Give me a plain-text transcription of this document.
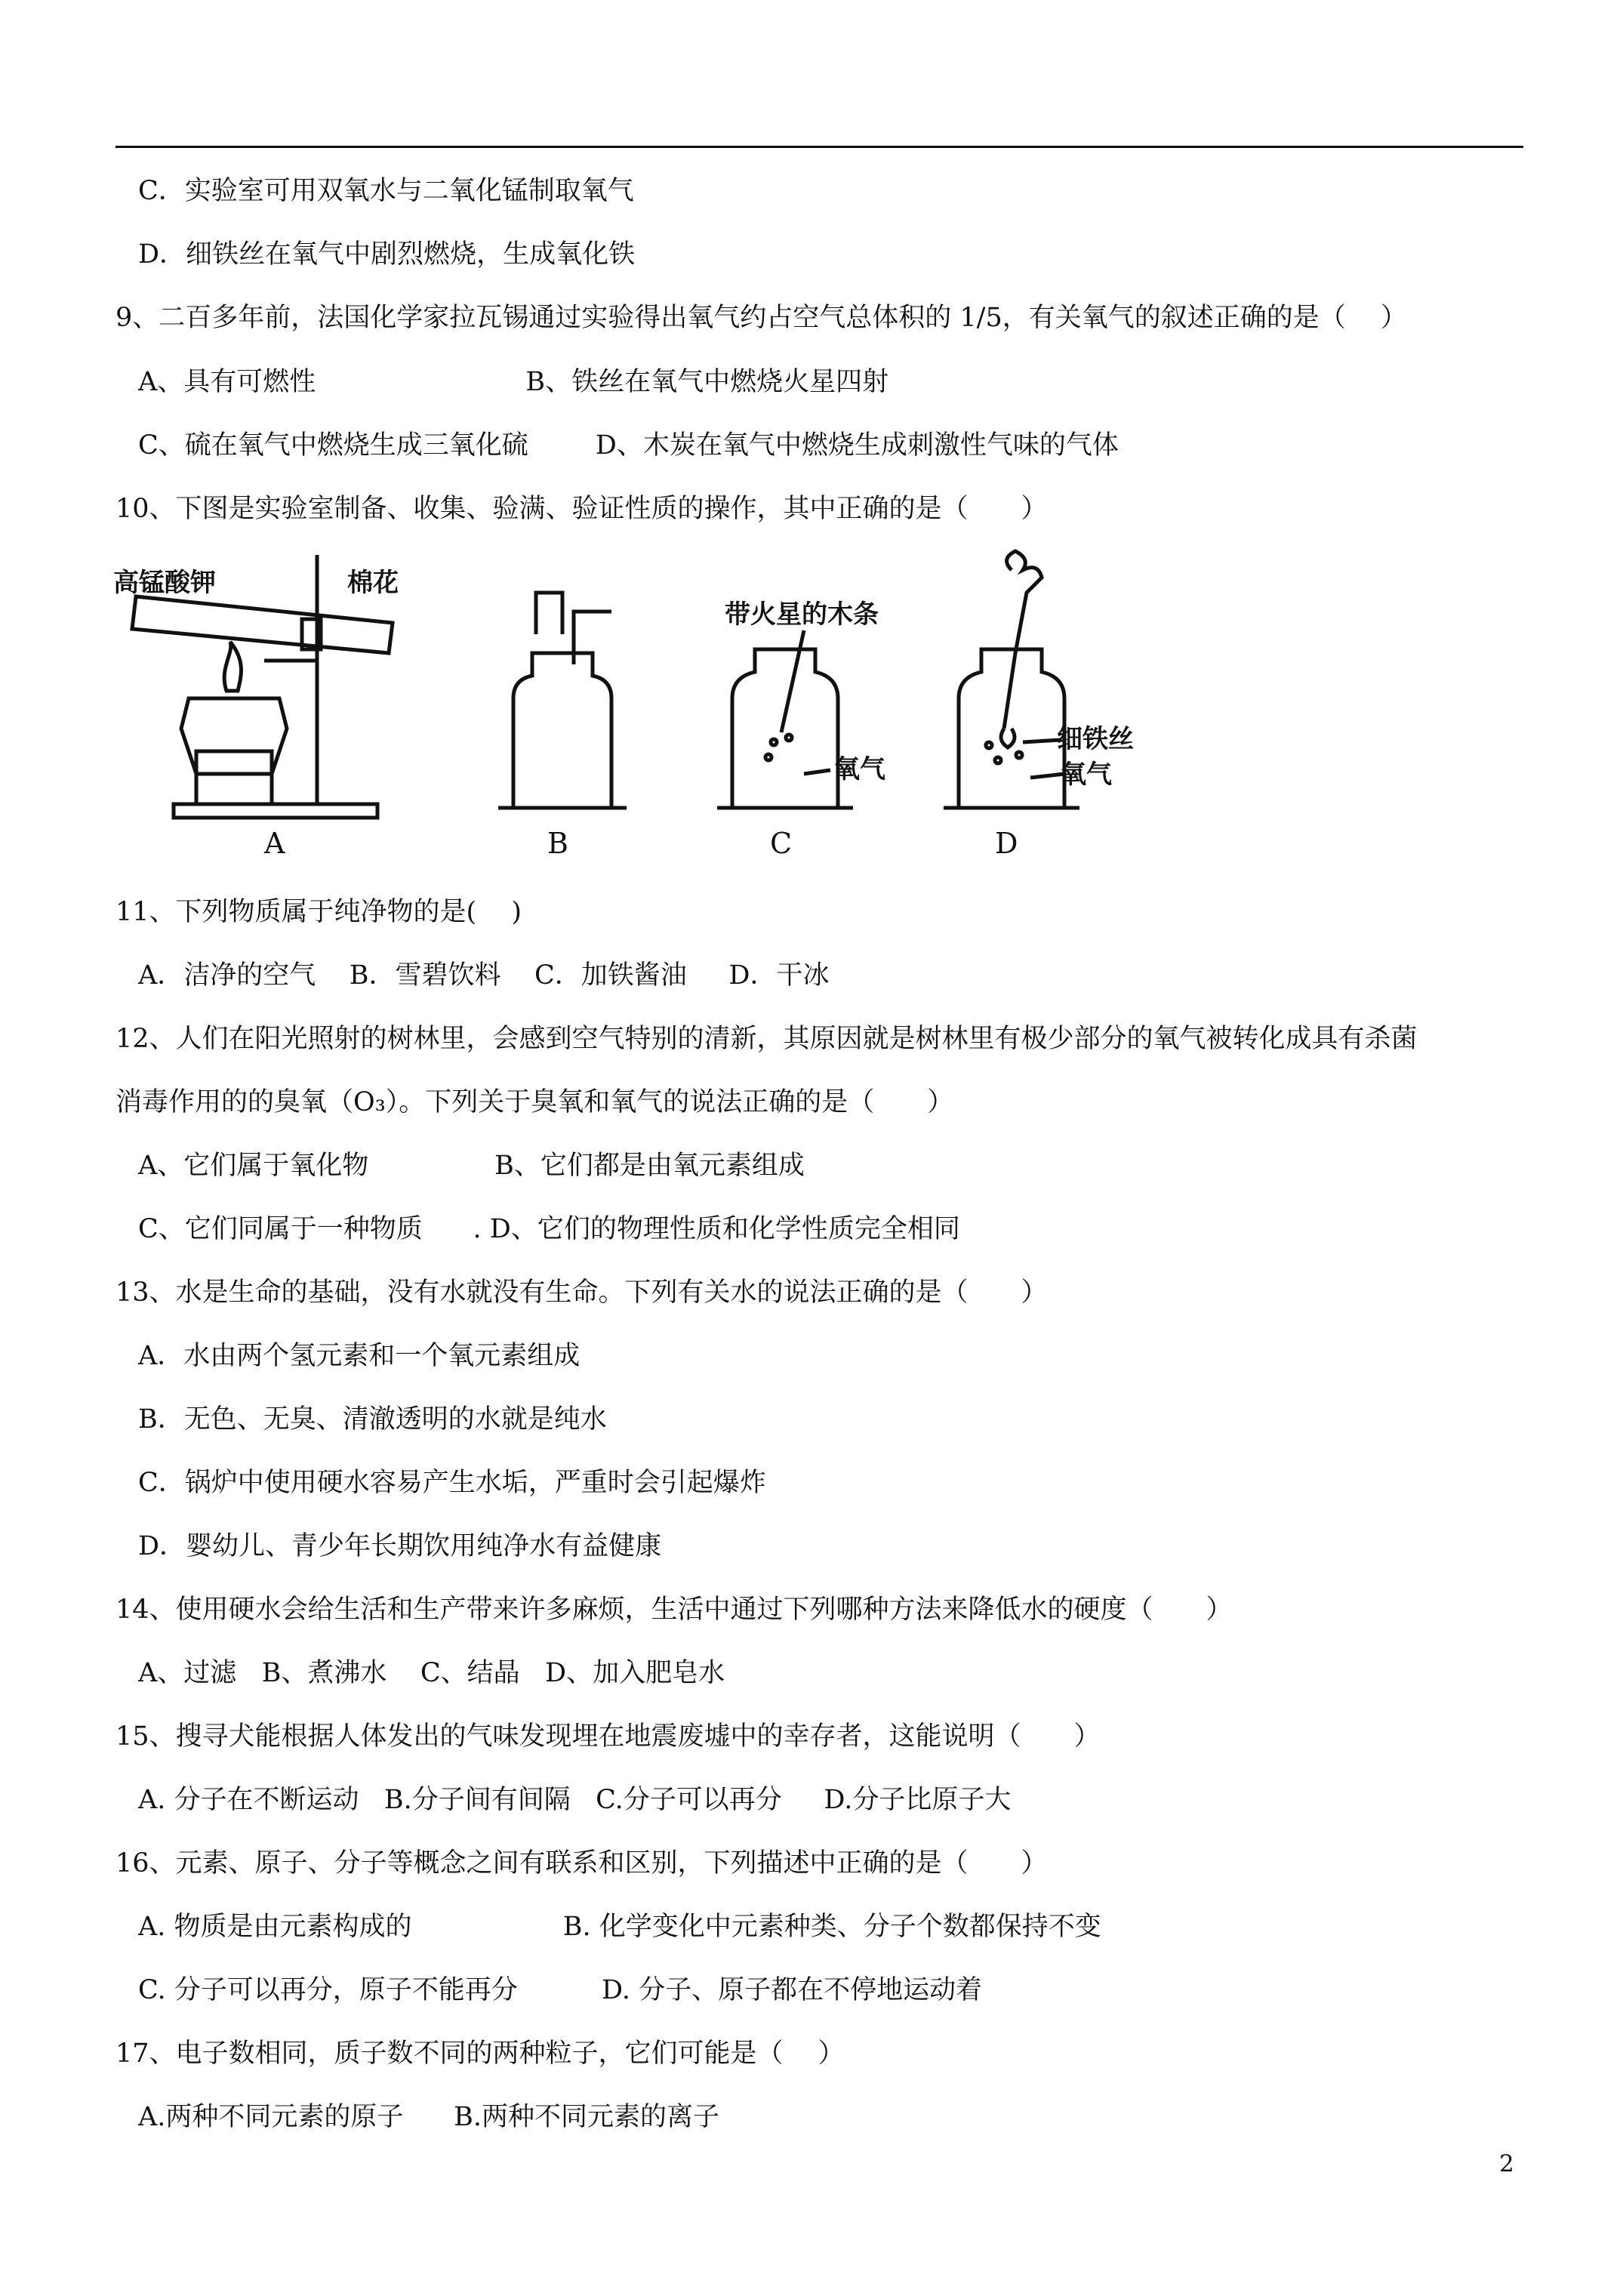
C．实验室可用双氧水与二氧化锰制取氧气
D．细铁丝在氧气中剧烈燃烧，生成氧化铁
9、二百多年前，法国化学家拉瓦锡通过实验得出氧气约占空气总体积的 1/5，有关氧气的叙述正确的是（　 ）
A、具有可燃性                         B、铁丝在氧气中燃烧火星四射
C、硫在氧气中燃烧生成三氧化硫        D、木炭在氧气中燃烧生成刺激性气味的气体
10、下图是实验室制备、收集、验满、验证性质的操作，其中正确的是（　　）
高锰酸钾	棉花
A	B
带火星的木条
氧气
C
细铁丝
氧气
D
11、下列物质属于纯净物的是(　 )
A．洁净的空气    B．雪碧饮料    C．加铁酱油     D．干冰
12、人们在阳光照射的树林里，会感到空气特别的清新，其原因就是树林里有极少部分的氧气被转化成具有杀菌
消毒作用的的臭氧（O₃）。下列关于臭氧和氧气的说法正确的是（　　）
A、它们属于氧化物               B、它们都是由氧元素组成
C、它们同属于一种物质      . D、它们的物理性质和化学性质完全相同
13、水是生命的基础，没有水就没有生命。下列有关水的说法正确的是（　　）
A．水由两个氢元素和一个氧元素组成
B．无色、无臭、清澈透明的水就是纯水
C．锅炉中使用硬水容易产生水垢，严重时会引起爆炸
D．婴幼儿、青少年长期饮用纯净水有益健康
14、使用硬水会给生活和生产带来许多麻烦，生活中通过下列哪种方法来降低水的硬度（　　）
A、过滤   B、煮沸水    C、结晶   D、加入肥皂水
15、搜寻犬能根据人体发出的气味发现埋在地震废墟中的幸存者，这能说明（　　）
A. 分子在不断运动   B.分子间有间隔   C.分子可以再分     D.分子比原子大
16、元素、原子、分子等概念之间有联系和区别，下列描述中正确的是（　　）
A. 物质是由元素构成的                  B. 化学变化中元素种类、分子个数都保持不变
C. 分子可以再分，原子不能再分          D. 分子、原子都在不停地运动着
17、电子数相同，质子数不同的两种粒子，它们可能是（　 ）
A.两种不同元素的原子      B.两种不同元素的离子
2
